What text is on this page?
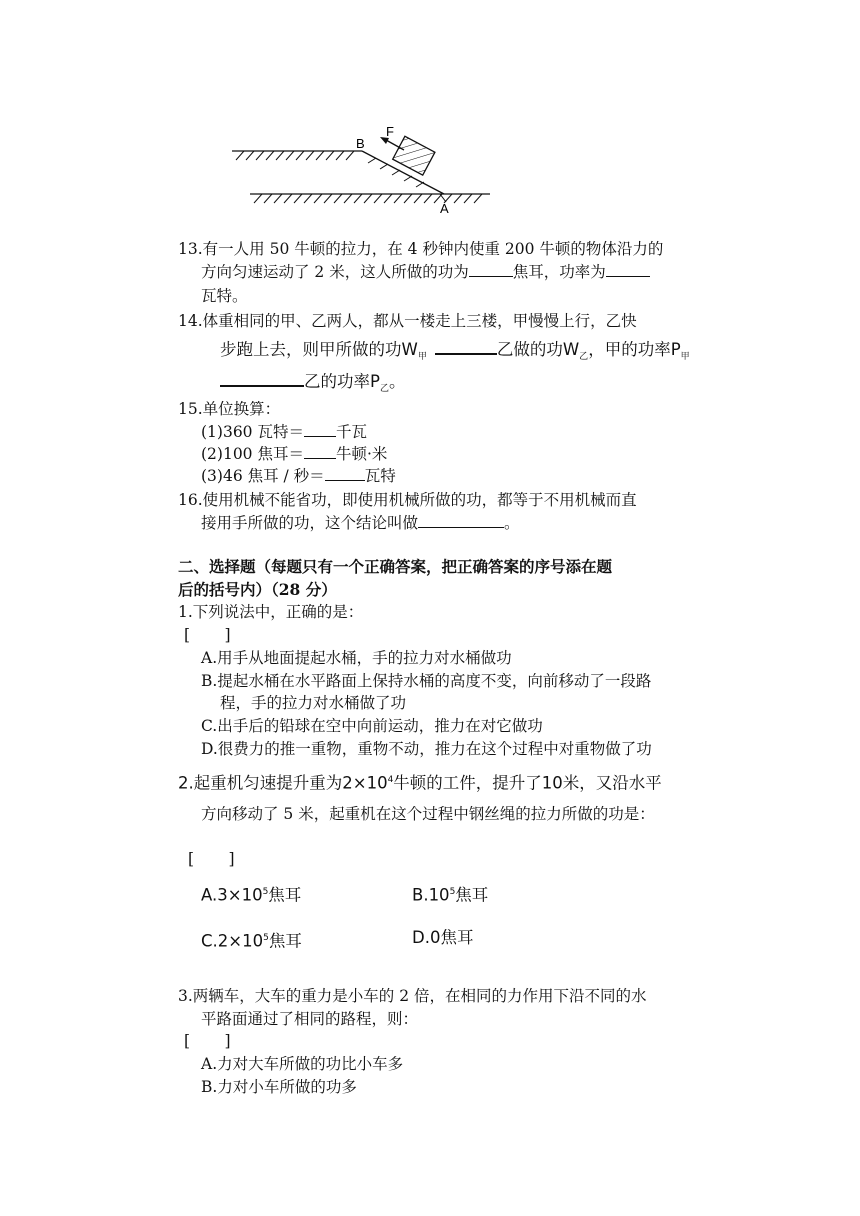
B
F
A
13.有一人用 50 牛顿的拉力，在 4 秒钟内使重 200 牛顿的物体沿力的
方向匀速运动了 2 米，这人所做的功为	焦耳，功率为
瓦特。
14.体重相同的甲、乙两人，都从一楼走上三楼，甲慢慢上行，乙快
步跑上去，则甲所做的功$W_甲$	乙做的功$W_乙$，甲的功率$P_甲$
乙的功率$P_乙$。
15.单位换算：
(1)360 瓦特＝ 千瓦
(2)100 焦耳＝ 牛顿·米
(3)46 焦耳 / 秒＝	瓦特
16.使用机械不能省功，即使用机械所做的功，都等于不用机械而直
接用手所做的功，这个结论叫做	。
二、选择题（每题只有一个正确答案，把正确答案的序号添在题
后的括号内）（28 分）
1.下列说法中，正确的是：
[       ]
A.用手从地面提起水桶，手的拉力对水桶做功
B.提起水桶在水平路面上保持水桶的高度不变，向前移动了一段路
程，手的拉力对水桶做了功
C.出手后的铅球在空中向前运动，推力在对它做功
D.很费力的推一重物，重物不动，推力在这个过程中对重物做了功
2.起重机匀速提升重为$2\times 10^4$牛顿的工件，提升了10米，又沿水平
方向移动了 5 米，起重机在这个过程中钢丝绳的拉力所做的功是：
[       ]
$A.3\times 10^5$焦耳	$B.10^5$焦耳
$C.2\times 10^5$焦耳	D.0焦耳
3.两辆车，大车的重力是小车的 2 倍，在相同的力作用下沿不同的水
平路面通过了相同的路程，则：
[       ]
A.力对大车所做的功比小车多
B.力对小车所做的功多
